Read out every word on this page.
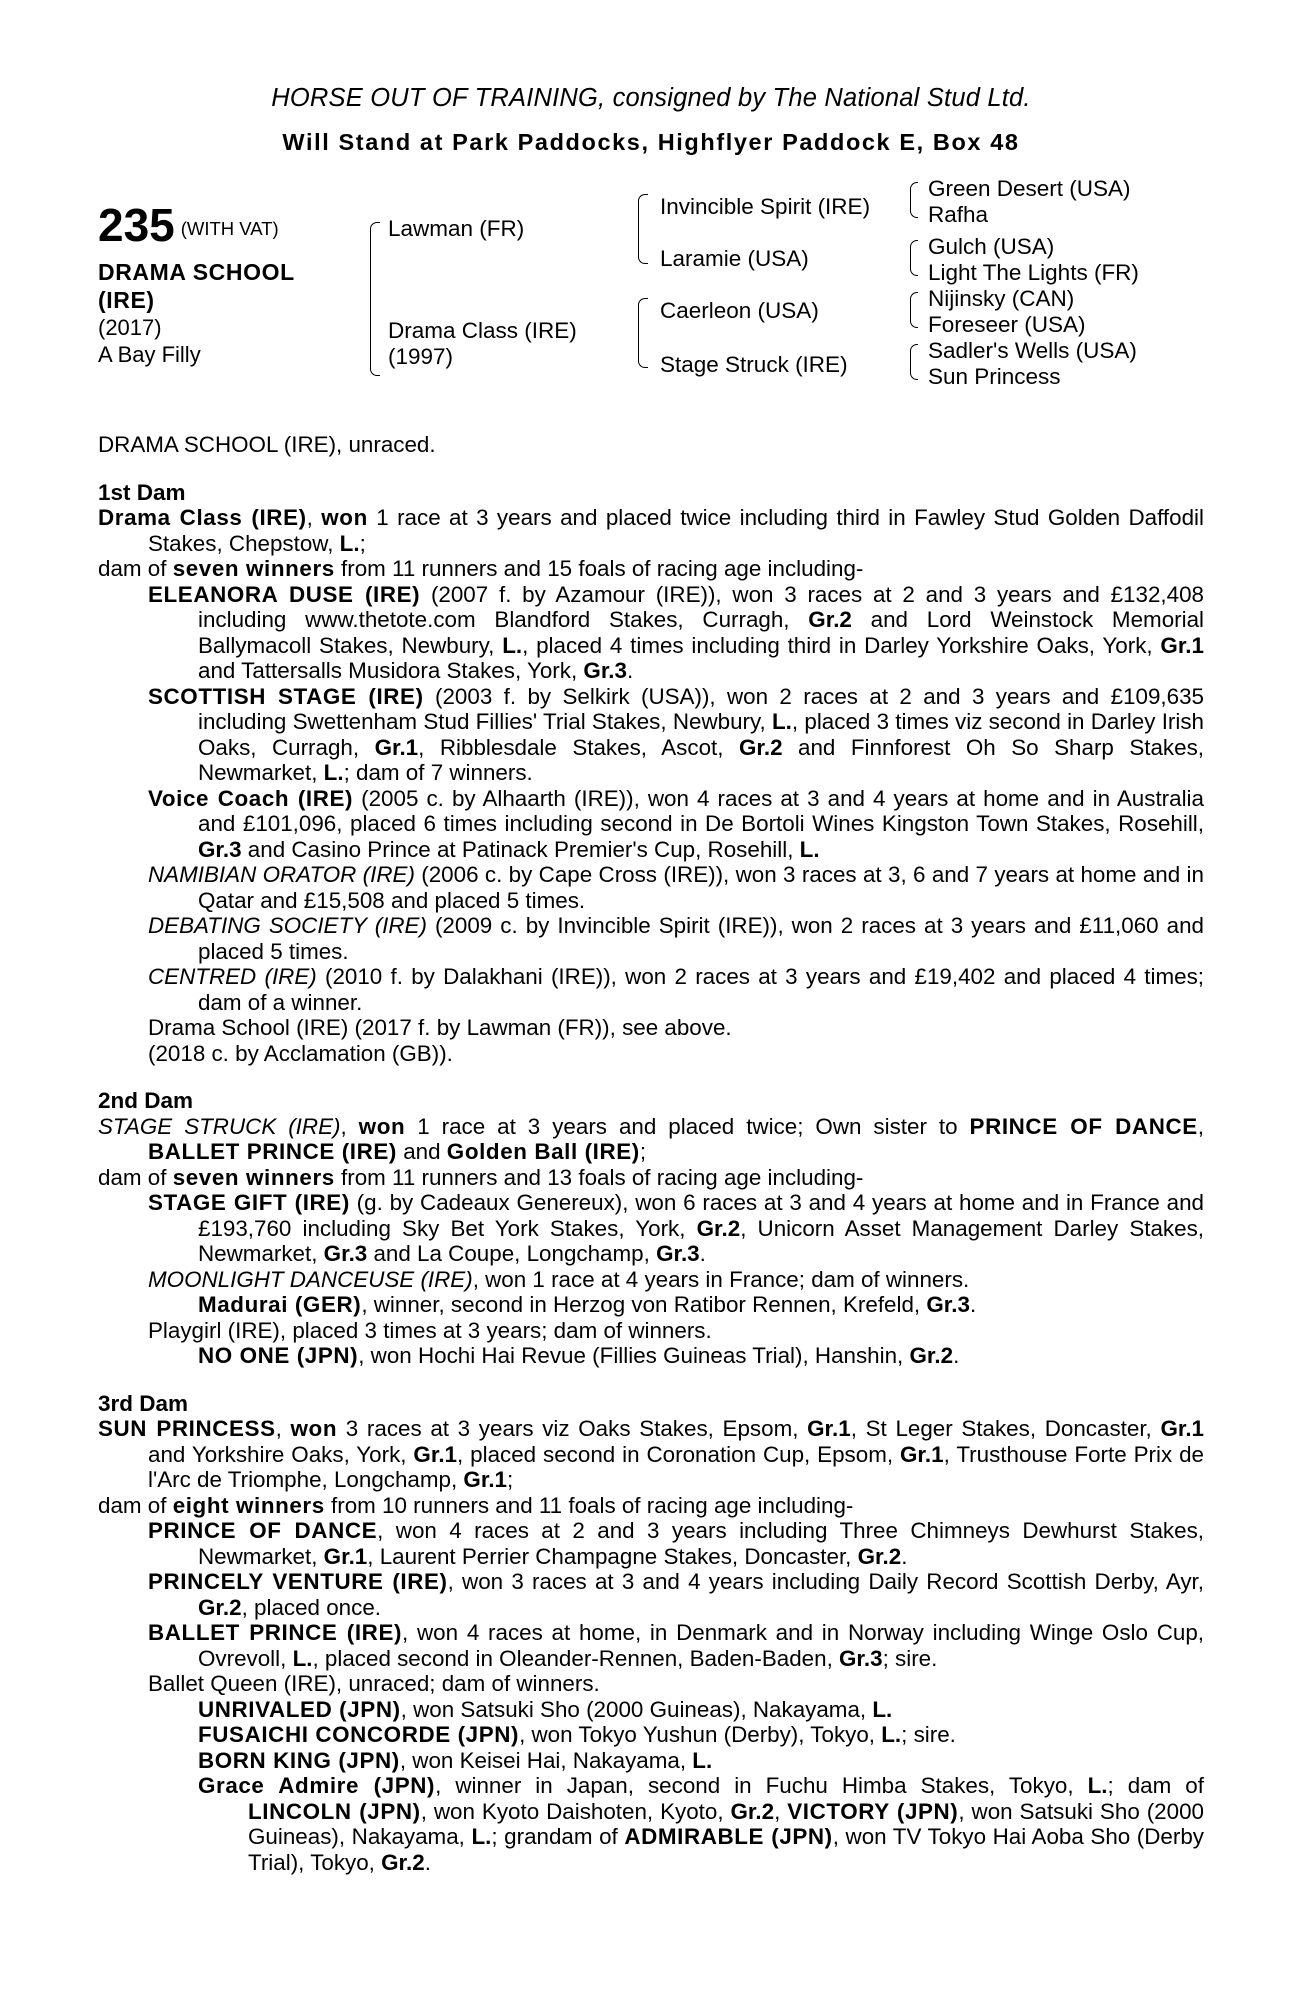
HORSE OUT OF TRAINING, consigned by The National Stud Ltd.
Will Stand at Park Paddocks, Highflyer Paddock E, Box 48
235 $^{(WITH VAT)}$
DRAMA SCHOOL
(IRE)
(2017)
A Bay Filly
Lawman (FR)
Drama Class (IRE)
(1997)
Invincible Spirit (IRE)
Laramie (USA)
Caerleon (USA)
Stage Struck (IRE)
Green Desert (USA)
Rafha
Gulch (USA)
Light The Lights (FR)
Nijinsky (CAN)
Foreseer (USA)
Sadler's Wells (USA)
Sun Princess

DRAMA SCHOOL (IRE), unraced.

1st Dam

Drama Class (IRE), won 1 race at 3 years and placed twice including third in Fawley Stud Golden Daffodil Stakes, Chepstow, L.;

dam of seven winners from 11 runners and 15 foals of racing age including-

ELEANORA DUSE (IRE) (2007 f. by Azamour (IRE)), won 3 races at 2 and 3 years and £132,408 including www.thetote.com Blandford Stakes, Curragh, Gr.2 and Lord Weinstock Memorial Ballymacoll Stakes, Newbury, L., placed 4 times including third in Darley Yorkshire Oaks, York, Gr.1 and Tattersalls Musidora Stakes, York, Gr.3.

SCOTTISH STAGE (IRE) (2003 f. by Selkirk (USA)), won 2 races at 2 and 3 years and £109,635 including Swettenham Stud Fillies' Trial Stakes, Newbury, L., placed 3 times viz second in Darley Irish Oaks, Curragh, Gr.1, Ribblesdale Stakes, Ascot, Gr.2 and Finnforest Oh So Sharp Stakes, Newmarket, L.; dam of 7 winners.

Voice Coach (IRE) (2005 c. by Alhaarth (IRE)), won 4 races at 3 and 4 years at home and in Australia and £101,096, placed 6 times including second in De Bortoli Wines Kingston Town Stakes, Rosehill, Gr.3 and Casino Prince at Patinack Premier's Cup, Rosehill, L.

NAMIBIAN ORATOR (IRE) (2006 c. by Cape Cross (IRE)), won 3 races at 3, 6 and 7 years at home and in Qatar and £15,508 and placed 5 times.

DEBATING SOCIETY (IRE) (2009 c. by Invincible Spirit (IRE)), won 2 races at 3 years and £11,060 and placed 5 times.

CENTRED (IRE) (2010 f. by Dalakhani (IRE)), won 2 races at 3 years and £19,402 and placed 4 times; dam of a winner.

Drama School (IRE) (2017 f. by Lawman (FR)), see above.

(2018 c. by Acclamation (GB)).

2nd Dam

STAGE STRUCK (IRE), won 1 race at 3 years and placed twice; Own sister to PRINCE OF DANCE, BALLET PRINCE (IRE) and Golden Ball (IRE);

dam of seven winners from 11 runners and 13 foals of racing age including-

STAGE GIFT (IRE) (g. by Cadeaux Genereux), won 6 races at 3 and 4 years at home and in France and £193,760 including Sky Bet York Stakes, York, Gr.2, Unicorn Asset Management Darley Stakes, Newmarket, Gr.3 and La Coupe, Longchamp, Gr.3.

MOONLIGHT DANCEUSE (IRE), won 1 race at 4 years in France; dam of winners.

Madurai (GER), winner, second in Herzog von Ratibor Rennen, Krefeld, Gr.3.

Playgirl (IRE), placed 3 times at 3 years; dam of winners.

NO ONE (JPN), won Hochi Hai Revue (Fillies Guineas Trial), Hanshin, Gr.2.

3rd Dam

SUN PRINCESS, won 3 races at 3 years viz Oaks Stakes, Epsom, Gr.1, St Leger Stakes, Doncaster, Gr.1 and Yorkshire Oaks, York, Gr.1, placed second in Coronation Cup, Epsom, Gr.1, Trusthouse Forte Prix de l'Arc de Triomphe, Longchamp, Gr.1;

dam of eight winners from 10 runners and 11 foals of racing age including-

PRINCE OF DANCE, won 4 races at 2 and 3 years including Three Chimneys Dewhurst Stakes, Newmarket, Gr.1, Laurent Perrier Champagne Stakes, Doncaster, Gr.2.

PRINCELY VENTURE (IRE), won 3 races at 3 and 4 years including Daily Record Scottish Derby, Ayr, Gr.2, placed once.

BALLET PRINCE (IRE), won 4 races at home, in Denmark and in Norway including Winge Oslo Cup, Ovrevoll, L., placed second in Oleander-Rennen, Baden-Baden, Gr.3; sire.

Ballet Queen (IRE), unraced; dam of winners.

UNRIVALED (JPN), won Satsuki Sho (2000 Guineas), Nakayama, L.

FUSAICHI CONCORDE (JPN), won Tokyo Yushun (Derby), Tokyo, L.; sire.

BORN KING (JPN), won Keisei Hai, Nakayama, L.

Grace Admire (JPN), winner in Japan, second in Fuchu Himba Stakes, Tokyo, L.; dam of LINCOLN (JPN), won Kyoto Daishoten, Kyoto, Gr.2, VICTORY (JPN), won Satsuki Sho (2000 Guineas), Nakayama, L.; grandam of ADMIRABLE (JPN), won TV Tokyo Hai Aoba Sho (Derby Trial), Tokyo, Gr.2.
